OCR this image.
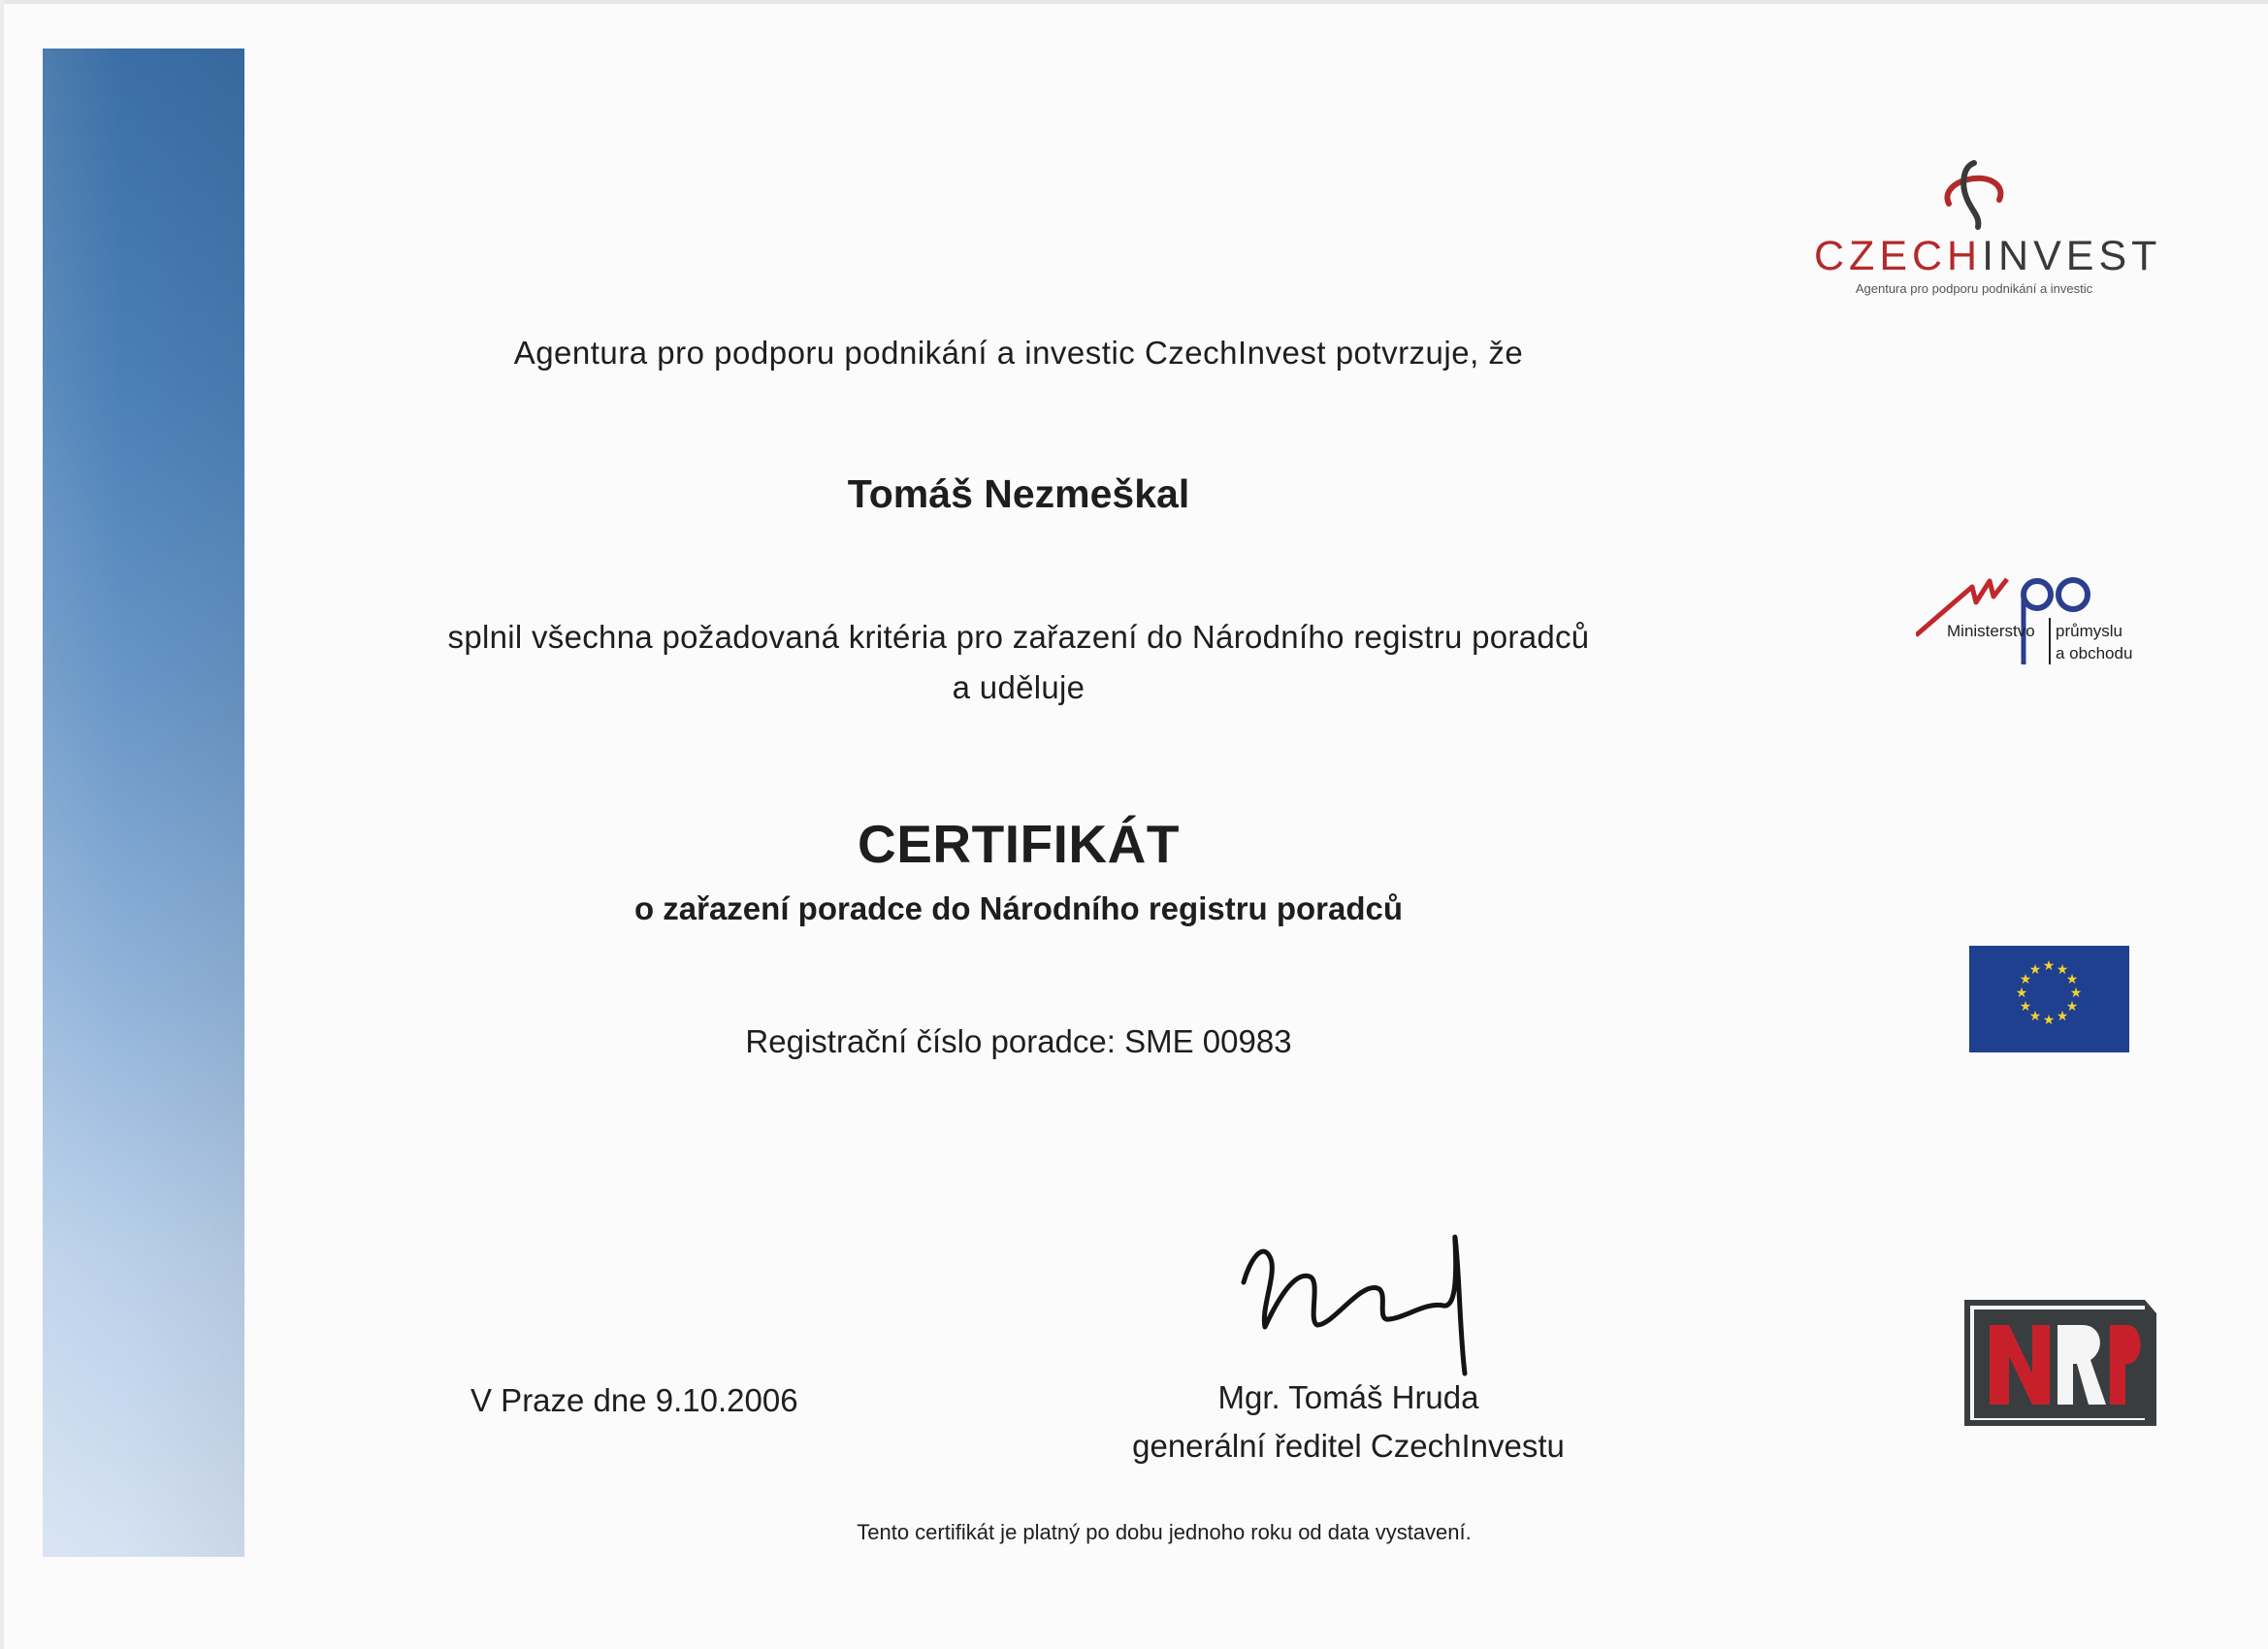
Agentura pro podporu podnikání a investic CzechInvest potvrzuje, že
Tomáš Nezmeškal
splnil všechna požadovaná kritéria pro zařazení do Národního registru poradců
a uděluje
CERTIFIKÁT
o zařazení poradce do Národního registru poradců
Registrační číslo poradce: SME 00983
V Praze dne 9.10.2006	Mgr. Tomáš Hruda
generální ředitel CzechInvestu
Tento certifikát je platný po dobu jednoho roku od data vystavení.
CZECHINVEST
Agentura pro podporu podnikání a investic
Ministerstvo průmyslu
a obchodu
★ ★
★
★
★
★
★
★
★
★
★
★
